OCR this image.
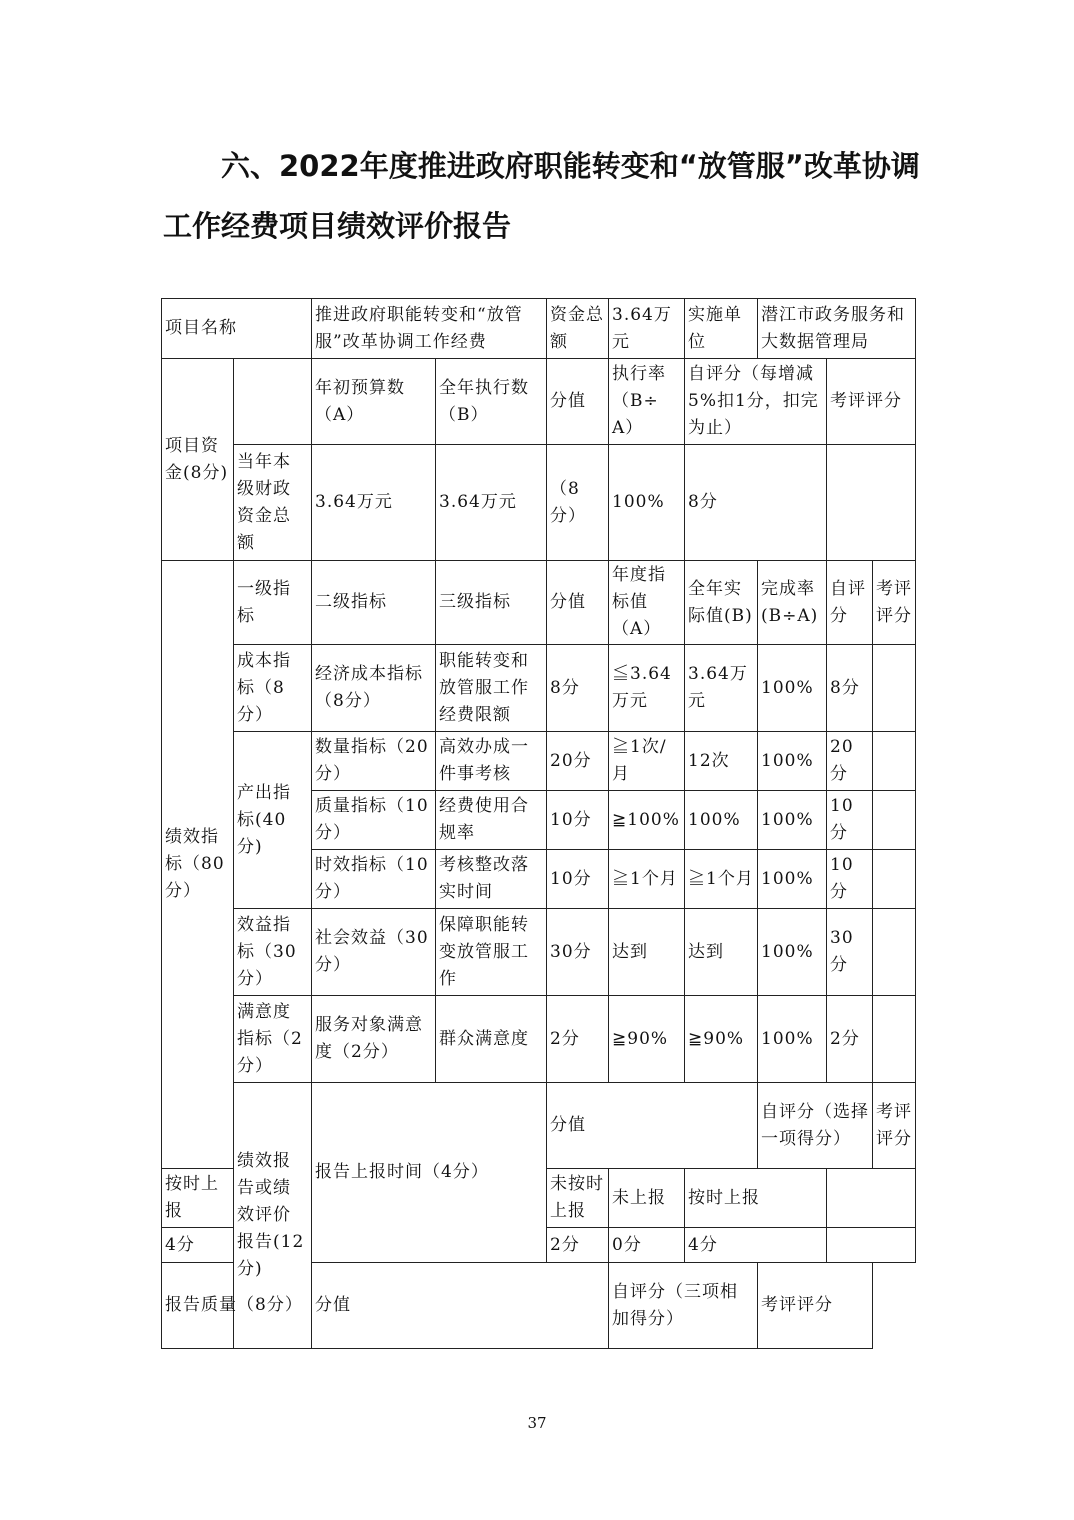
六、2022年度推进政府职能转变和“放管服”改革协调
工作经费项目绩效评价报告
项目名称		推进政府职能转变和“放管服”改革协调工作经费		资金总额	3.64万元	实施单位	潜江市政务服务和大数据管理局			
项目资金(8分)		年初预算数（A）	全年执行数（B）	分值	执行率（B÷A）	自评分（每增减5%扣1分，扣完为止）		考评评分		
	当年本级财政资金总额	3.64万元	3.64万元	（8分）	100%	8分				
绩效指标（80分）	一级指标	二级指标	三级指标	分值	年度指标值（A）	全年实际值(B)	完成率(B÷A)	自评分	考评评分	
	成本指标（8分）	经济成本指标（8分）	职能转变和放管服工作经费限额	8分	≦3.64万元	3.64万元	100%	8分		
	产出指标(40分)	数量指标（20分）	高效办成一件事考核	20分	≧1次/月	12次	100%	20分		
		质量指标（10分）	经费使用合规率	10分	≧100%	100%	100%	10分		
		时效指标（10分）	考核整改落实时间	10分	≧1个月	≧1个月	100%	10分		
	效益指标（30分）	社会效益（30分）	保障职能转变放管服工作	30分	达到	达到	100%	30分		
	满意度指标（2分）	服务对象满意度（2分）	群众满意度	2分	≧90%	≧90%	100%	2分		
	绩效报告或绩效评价报告(12分)	报告上报时间（4分）		分值			自评分（选择一项得分）		考评评分	
按时上报				未按时上报	未上报	按时上报				
4分				2分	0分	4分				
报告质量（8分）		分值			自评分（三项相加得分）		考评评分			
37
